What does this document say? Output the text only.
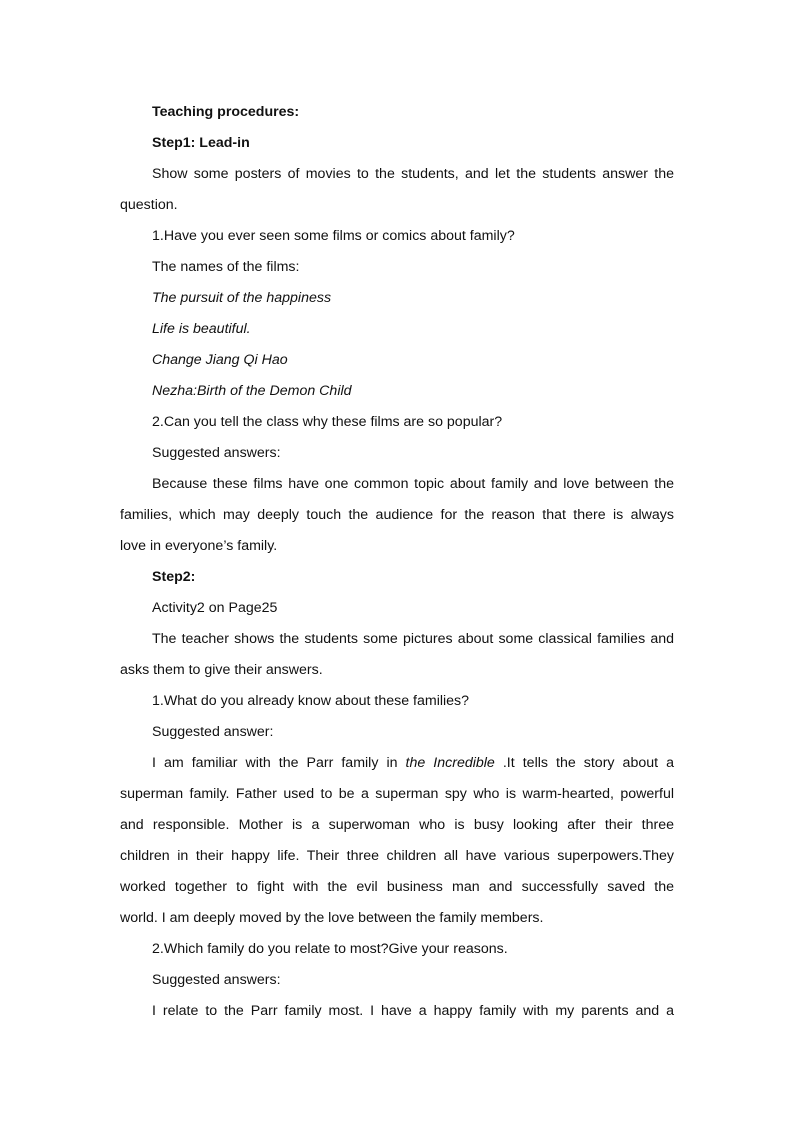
Teaching procedures:
Step1: Lead-in
Show some posters of movies to the students, and let the students answer the
question.
1.Have you ever seen some films or comics about family?
The names of the films:
The pursuit of the happiness
Life is beautiful.
Change Jiang Qi Hao
Nezha:Birth of the Demon Child
2.Can you tell the class why these films are so popular?
Suggested answers:
Because these films have one common topic about family and love between the
families, which may deeply touch the audience for the reason that there is always
love in everyone’s family.
Step2:
Activity2 on Page25
The teacher shows the students some pictures about some classical families and
asks them to give their answers.
1.What do you already know about these families?
Suggested answer:
I am familiar with the Parr family in the Incredible .It tells the story about a
superman family. Father used to be a superman spy who is warm-hearted, powerful
and responsible. Mother is a superwoman who is busy looking after their three
children in their happy life. Their three children all have various superpowers.They
worked together to fight with the evil business man and successfully saved the
world. I am deeply moved by the love between the family members.
2.Which family do you relate to most?Give your reasons.
Suggested answers:
I relate to the Parr family most. I have a happy family with my parents and a
